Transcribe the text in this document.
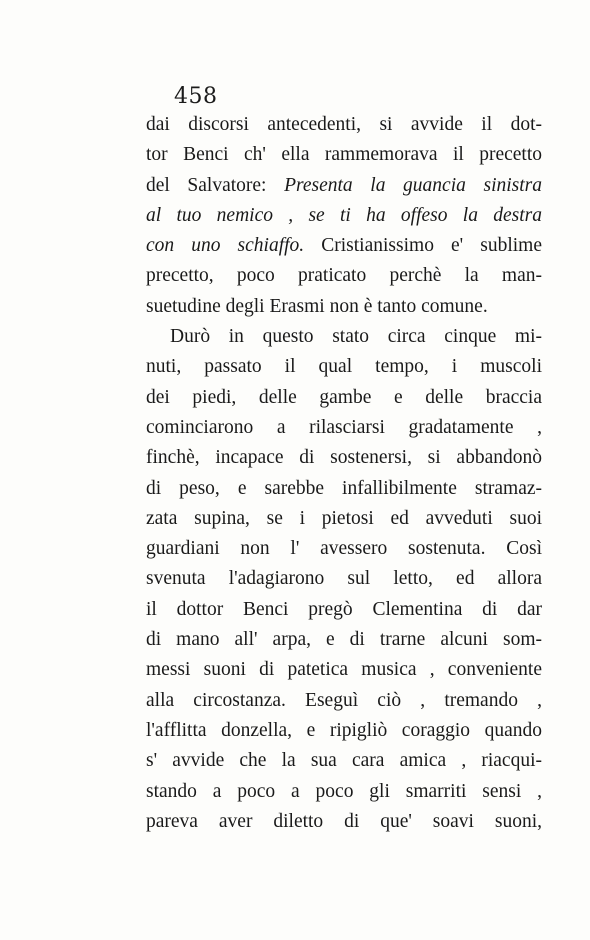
458
dai discorsi antecedenti, si avvide il dot-
tor Benci ch' ella rammemorava il precetto
del Salvatore: Presenta la guancia sinistra
al tuo nemico , se ti ha offeso la destra
con uno schiaffo. Cristianissimo e' sublime
precetto, poco praticato perchè la man-
suetudine degli Erasmi non è tanto comune.
Durò in questo stato circa cinque mi-
nuti, passato il qual tempo, i muscoli
dei piedi, delle gambe e delle braccia
cominciarono a rilasciarsi gradatamente ,
finchè, incapace di sostenersi, si abbandonò
di peso, e sarebbe infallibilmente stramaz-
zata supina, se i pietosi ed avveduti suoi
guardiani non l' avessero sostenuta. Così
svenuta l'adagiarono sul letto, ed allora
il dottor Benci pregò Clementina di dar
di mano all' arpa, e di trarne alcuni som-
messi suoni di patetica musica , conveniente
alla circostanza. Eseguì ciò , tremando ,
l'afflitta donzella, e ripigliò coraggio quando
s' avvide che la sua cara amica , riacqui-
stando a poco a poco gli smarriti sensi ,
pareva aver diletto di que' soavi suoni,
